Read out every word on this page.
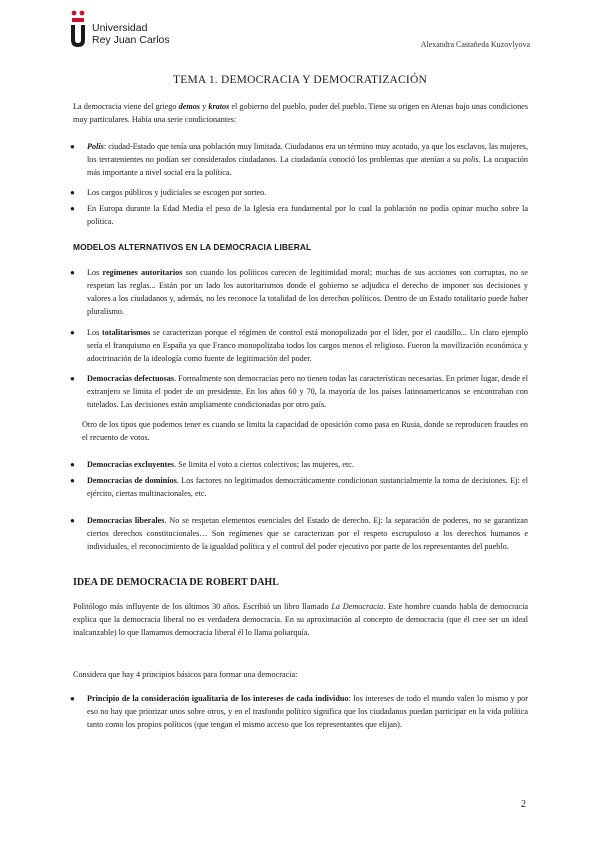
Universidad
Rey Juan Carlos	Alexandra Castañeda Kuzovlyova
TEMA 1. DEMOCRACIA Y DEMOCRATIZACIÓN
La democracia viene del griego demos y kratos el gobierno del pueblo, poder del pueblo. Tiene su origen en Atenas bajo unas condiciones muy particulares. Había una serie condicionantes:
● Polis: ciudad-Estado que tenía una población muy limitada. Ciudadanos era un término muy acotado, ya que los esclavos, las mujeres, los terratenientes no podían ser considerados ciudadanos. La ciudadanía conoció los problemas que atenían a su polis. La ocupación más importante a nivel social era la política.
● Los cargos públicos y judiciales se escogen por sorteo.
● En Europa durante la Edad Media el peso de la Iglesia era fundamental por lo cual la población no podía opinar mucho sobre la política.
MODELOS ALTERNATIVOS EN LA DEMOCRACIA LIBERAL
● Los regímenes autoritarios son cuando los políticos carecen de legitimidad moral; muchas de sus acciones son corruptas, no se respetan las reglas... Están por un lado los autoritarismos donde el gobierno se adjudica el derecho de imponer sus decisiones y valores a los ciudadanos y, además, no les reconoce la totalidad de los derechos políticos. Dentro de un Estado totalitario puede haber pluralismo.
● Los totalitarismos se caracterizan porque el régimen de control está monopolizado por el líder, por el caudillo... Un claro ejemplo sería el franquismo en España ya que Franco monopolizaba todos los cargos menos el religioso. Fueron la movilización económica y adoctrinación de la ideología como fuente de legitimación del poder.
● Democracias defectuosas. Formalmente son democracias pero no tienen todas las características necesarias. En primer lugar, desde el extranjero se limita el poder de un presidente. En los años 60 y 70, la mayoría de los países latinoamericanos se encontraban con tutelados. Las decisiones están ampliamente condicionadas por otro país.
Otro de los tipos que podemos tener es cuando se limita la capacidad de oposición como pasa en Rusia, donde se reproducen fraudes en el recuento de votos.
● Democracias excluyentes. Se limita el voto a ciertos colectivos; las mujeres, etc.
● Democracias de dominios. Los factores no legitimados democráticamente condicionan sustancialmente la toma de decisiones. Ej: el ejército, ciertas multinacionales, etc.
● Democracias liberales. No se respetan elementos esenciales del Estado de derecho. Ej: la separación de poderes, no se garantizan ciertos derechos constitucionales… Son regímenes que se caracterizan por el respeto escrupuloso a los derechos humanos e individuales, el reconocimiento de la igualdad política y el control del poder ejecutivo por parte de los representantes del pueblo.
IDEA DE DEMOCRACIA DE ROBERT DAHL
Politólogo más influyente de los últimos 30 años. Escribió un libro llamado La Democracia. Este hombre cuando habla de democracia explica que la democracia liberal no es verdadera democracia. En su aproximación al concepto de democracia (que él cree ser un ideal inalcanzable) lo que llamamos democracia liberal él lo llama poliarquía.
Considera que hay 4 principios básicos para formar una democracia:
● Principio de la consideración igualitaria de los intereses de cada individuo: los intereses de todo el mundo valen lo mismo y por eso no hay que priorizar unos sobre otros, y en el trasfondo político significa que los ciudadanos puedan participar en la vida política tanto como los propios políticos (que tengan el mismo acceso que los representantes que elijan).
2
